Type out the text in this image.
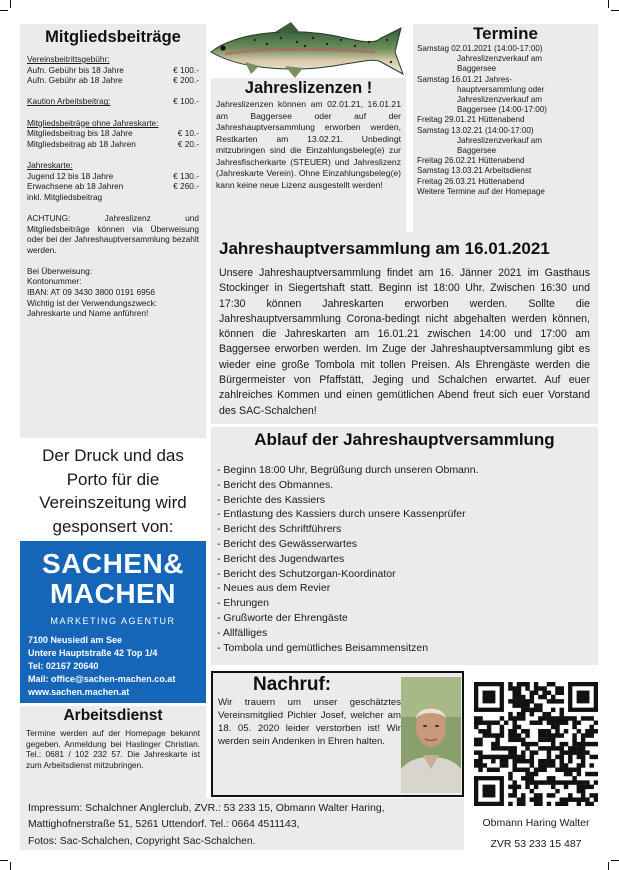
Mitgliedsbeiträge
Vereinsbeitrittsgebühr:
Aufn. Gebühr bis 18 Jahre	€ 100.-
Aufn. Gebühr ab 18 Jahre	€ 200.-
Kaution Arbeitsbeitrag:	€ 100.-
Mitgliedsbeiträge ohne Jahreskarte:
Mitgliedsbeitrag bis 18 Jahre	€ 10.-
Mitgliedsbeitrag ab 18 Jahren	€ 20.-
Jahreskarte:
Jugend 12 bis 18 Jahre	€ 130.-
Erwachsene ab 18 Jahren	€ 260.-
inkl. Mitgliedsbeitrag
ACHTUNG: Jahreslizenz und Mitgliedsbeiträge können via Überweisung oder bei der Jahreshauptversammlung bezahlt werden.
Bei Überweisung:
Kontonummer:
IBAN: AT 09 3430 3800 0191 6956
Wichtig ist der Verwendungszweck:
Jahreskarte und Name anführen!
Jahreslizenzen !
Jahreslizenzen können am 02.01.21, 16.01.21 am Baggersee oder auf der Jahreshauptversammlung erworben werden, Restkarten am 13.02.21. Unbedingt mitzubringen sind die Einzahlungsbeleg(e) zur Jahresfischerkarte (STEUER) und Jahreslizenz (Jahreskarte Verein). Ohne Einzahlungsbeleg(e) kann keine neue Lizenz ausgestellt werden!
Termine
Samstag 02.01.2021 (14:00-17:00)
Jahreslizenzverkauf am
Baggersee
Samstag 16.01.21 Jahres-
hauptversammlung oder
Jahreslizenzverkauf am
Baggersee (14:00-17:00)
Freitag 29.01.21 Hüttenabend
Samstag 13.02.21 (14:00-17:00)
Jahreslizenzverkauf am
Baggersee
Freitag 26.02.21 Hüttenabend
Samstag 13.03.21 Arbeitsdienst
Freitag 26.03.21 Hüttenabend
Weitere Termine auf der Homepage
Jahreshauptversammlung am 16.01.2021
Unsere Jahreshauptversammlung findet am 16. Jänner 2021 im Gasthaus Stockinger in Siegertshaft statt. Beginn ist 18:00 Uhr. Zwischen 16:30 und 17:30 können Jahreskarten erworben werden. Sollte die Jahreshauptversammlung Corona-bedingt nicht abgehalten werden können, können die Jahreskarten am 16.01.21 zwischen 14:00 und 17:00 am Baggersee erworben werden. Im Zuge der Jahreshauptversammlung gibt es wieder eine große Tombola mit tollen Preisen. Als Ehrengäste werden die Bürgermeister von Pfaffstätt, Jeging und Schalchen erwartet. Auf euer zahlreiches Kommen und einen gemütlichen Abend freut sich euer Vorstand des SAC-Schalchen!
Ablauf der Jahreshauptversammlung
- Beginn 18:00 Uhr, Begrüßung durch unseren Obmann.
- Bericht des Obmannes.
- Berichte des Kassiers
- Entlastung des Kassiers durch unsere Kassenprüfer
- Bericht des Schriftführers
- Bericht des Gewässerwartes
- Bericht des Jugendwartes
- Bericht des Schutzorgan-Koordinator
- Neues aus dem Revier
- Ehrungen
- Grußworte der Ehrengäste
- Allfälliges
- Tombola und gemütliches Beisammensitzen
Der Druck und das
Porto für die
Vereinszeitung wird
gesponsert von:
SACHEN&
MACHEN
MARKETING AGENTUR
7100 Neusiedl am See
Untere Hauptstraße 42 Top 1/4
Tel: 02167 20640
Mail: office@sachen-machen.co.at
www.sachen.machen.at
Arbeitsdienst
Termine werden auf der Homepage bekannt gegeben. Anmeldung bei Haslinger Christian. Tel.: 0681 / 102 232 57. Die Jahreskarte ist zum Arbeitsdienst mitzubringen.
Nachruf:
Wir trauern um unser geschätztes Vereinsmitglied Pichler Josef, welcher am 18. 05. 2020 leider verstorben ist! Wir werden sein Andenken in Ehren halten.
Obmann Haring Walter
ZVR 53 233 15 487
Impressum: Schalchner Anglerclub, ZVR.: 53 233 15, Obmann Walter Haring,
Mattighofnerstraße 51, 5261 Uttendorf. Tel.: 0664 4511143,
Fotos: Sac-Schalchen, Copyright Sac-Schalchen.
